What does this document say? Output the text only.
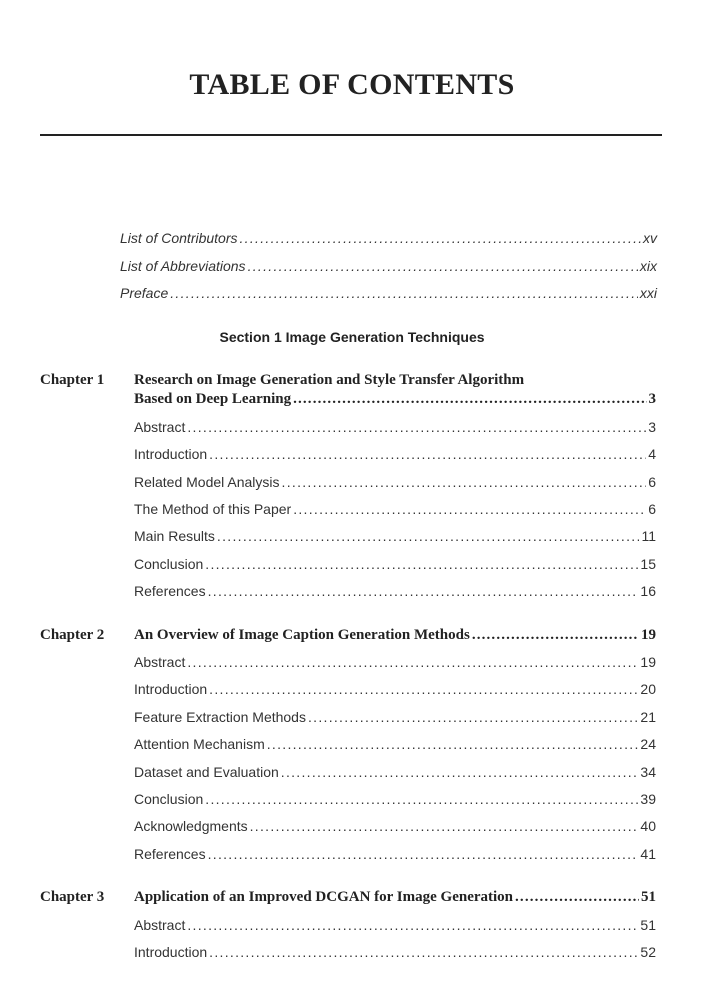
TABLE OF CONTENTS
List of Contributors . . .	xv
List of Abbreviations . . .	xix
Preface . . .	xxi
Section 1 Image Generation Techniques
Chapter 1 Research on Image Generation and Style Transfer Algorithm
Based on Deep Learning . . .	3
Abstract . . .	3
Introduction . . .	4
Related Model Analysis . . .	6
The Method of this Paper . . .	6
Main Results . . .	11
Conclusion . . .	15
References . . .	16
Chapter 2 An Overview of Image Caption Generation Methods . . .	19
Abstract . . .	19
Introduction . . .	20
Feature Extraction Methods . . .	21
Attention Mechanism . . .	24
Dataset and Evaluation . . .	34
Conclusion . . .	39
Acknowledgments . . .	40
References . . .	41
Chapter 3 Application of an Improved DCGAN for Image Generation . . .	51
Abstract . . .	51
Introduction . . .	52
